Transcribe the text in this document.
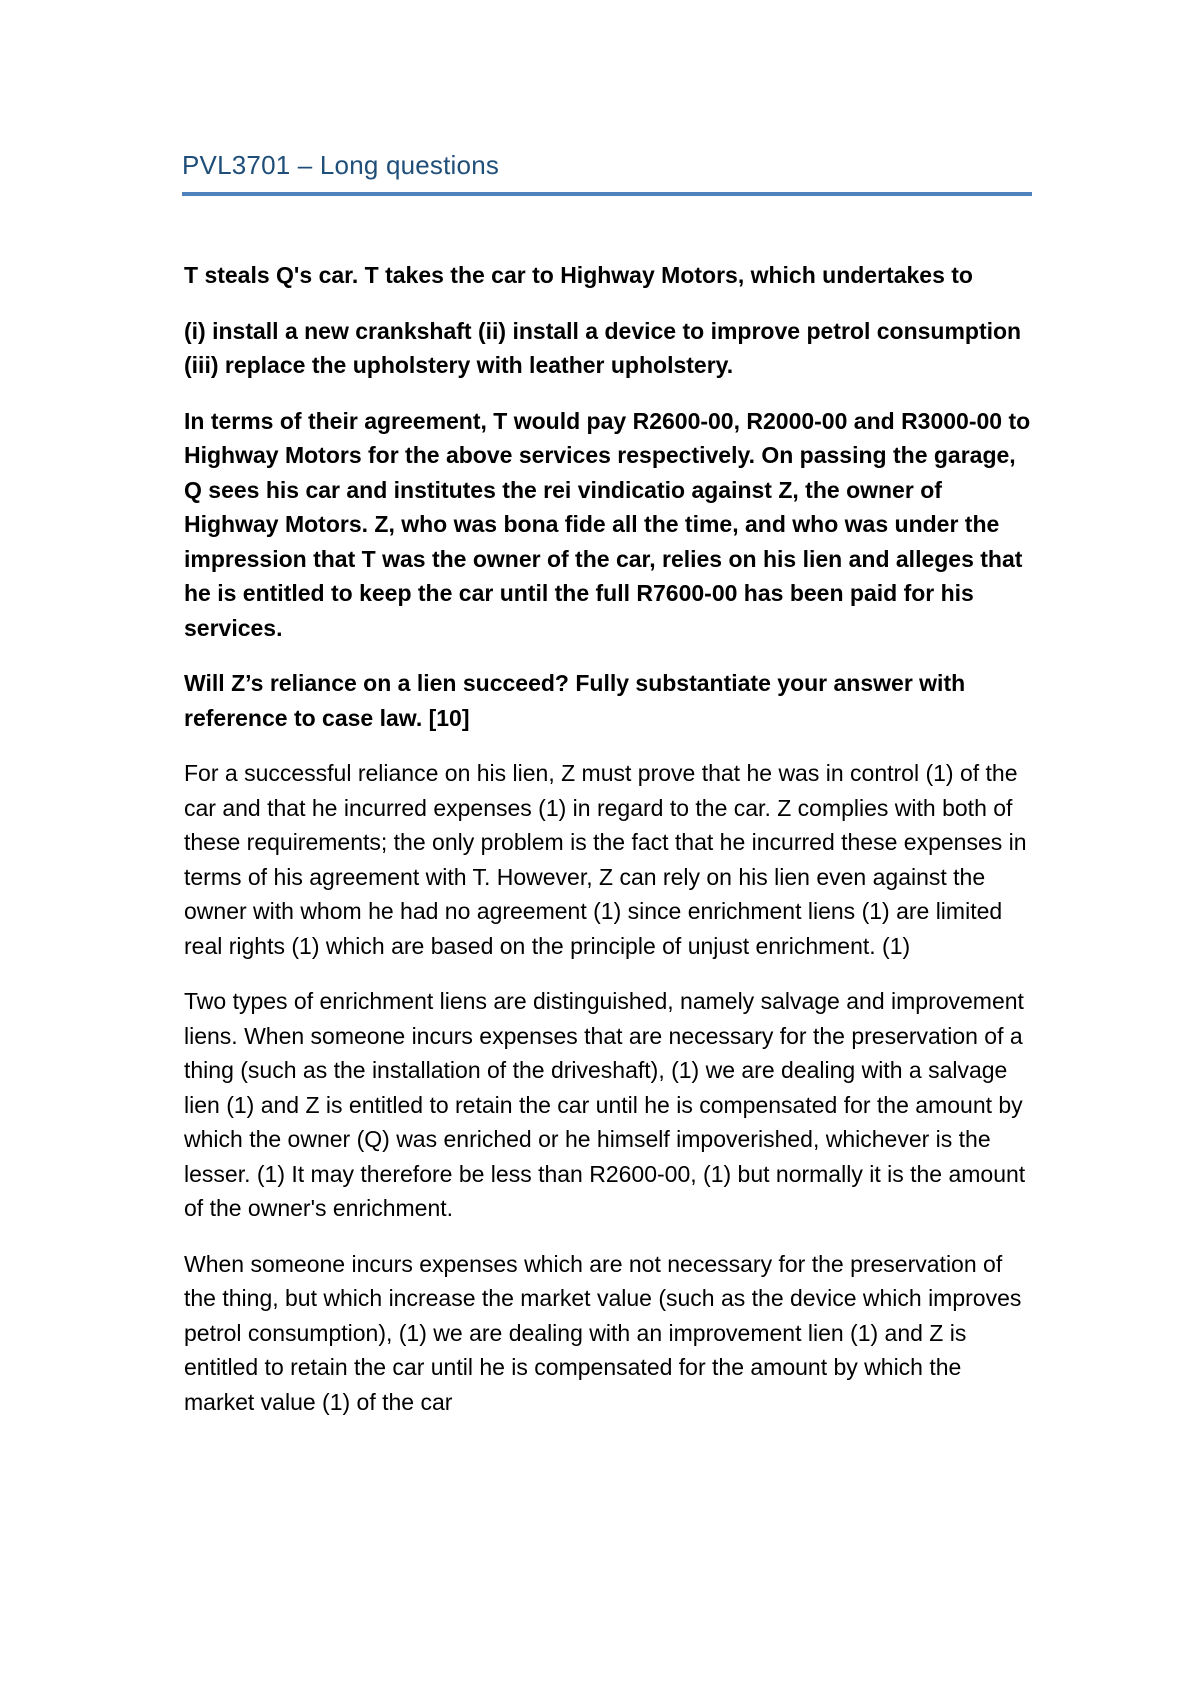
PVL3701 – Long questions

T steals Q's car. T takes the car to Highway Motors, which undertakes to

(i) install a new crankshaft (ii) install a device to improve petrol consumption (iii) replace the upholstery with leather upholstery.

In terms of their agreement, T would pay R2600-00, R2000-00 and R3000-00 to Highway Motors for the above services respectively. On passing the garage, Q sees his car and institutes the rei vindicatio against Z, the owner of Highway Motors. Z, who was bona fide all the time, and who was under the impression that T was the owner of the car, relies on his lien and alleges that he is entitled to keep the car until the full R7600-00 has been paid for his services.

Will Z’s reliance on a lien succeed? Fully substantiate your answer with reference to case law. [10]

For a successful reliance on his lien, Z must prove that he was in control (1) of the car and that he incurred expenses (1) in regard to the car. Z complies with both of these requirements; the only problem is the fact that he incurred these expenses in terms of his agreement with T. However, Z can rely on his lien even against the owner with whom he had no agreement (1) since enrichment liens (1) are limited real rights (1) which are based on the principle of unjust enrichment. (1)

Two types of enrichment liens are distinguished, namely salvage and improvement liens. When someone incurs expenses that are necessary for the preservation of a thing (such as the installation of the driveshaft), (1) we are dealing with a salvage lien (1) and Z is entitled to retain the car until he is compensated for the amount by which the owner (Q) was enriched or he himself impoverished, whichever is the lesser. (1) It may therefore be less than R2600-00, (1) but normally it is the amount of the owner's enrichment.

When someone incurs expenses which are not necessary for the preservation of the thing, but which increase the market value (such as the device which improves petrol consumption), (1) we are dealing with an improvement lien (1) and Z is entitled to retain the car until he is compensated for the amount by which the market value (1) of the car
